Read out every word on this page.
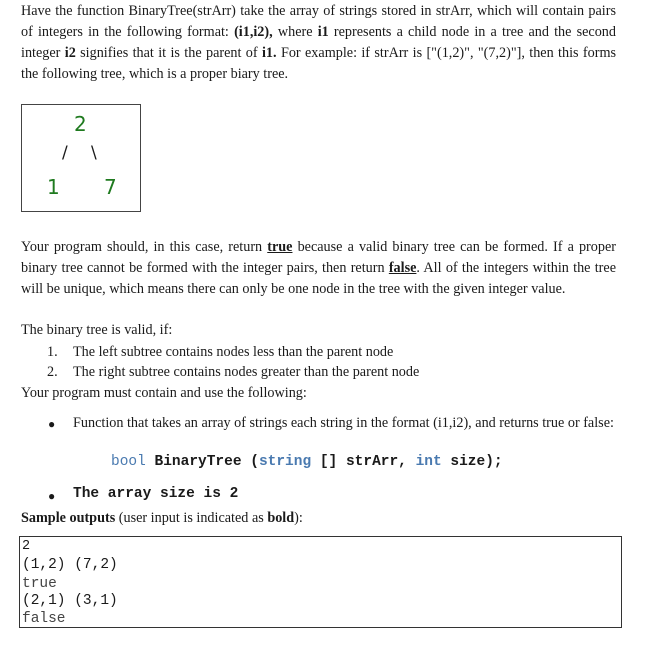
Have the function BinaryTree(strArr) take the array of strings stored in strArr, which will contain pairs of integers in the following format: (i1,i2), where i1 represents a child node in a tree and the second integer i2 signifies that it is the parent of i1. For example: if strArr is ["(1,2)", "(7,2)"], then this forms the following tree, which is a proper biary tree.

2
/ \
1 7

Your program should, in this case, return true because a valid binary tree can be formed. If a proper binary tree cannot be formed with the integer pairs, then return false. All of the integers within the tree will be unique, which means there can only be one node in the tree with the given integer value.

The binary tree is valid, if:
1. The left subtree contains nodes less than the parent node
2. The right subtree contains nodes greater than the parent node
Your program must contain and use the following:
● Function that takes an array of strings each string in the format (i1,i2), and returns true or false:

bool BinaryTree (string [] strArr, int size);
● The array size is 2
Sample outputs (user input is indicated as bold):
2
(1,2) (7,2)
true
(2,1) (3,1)
false
